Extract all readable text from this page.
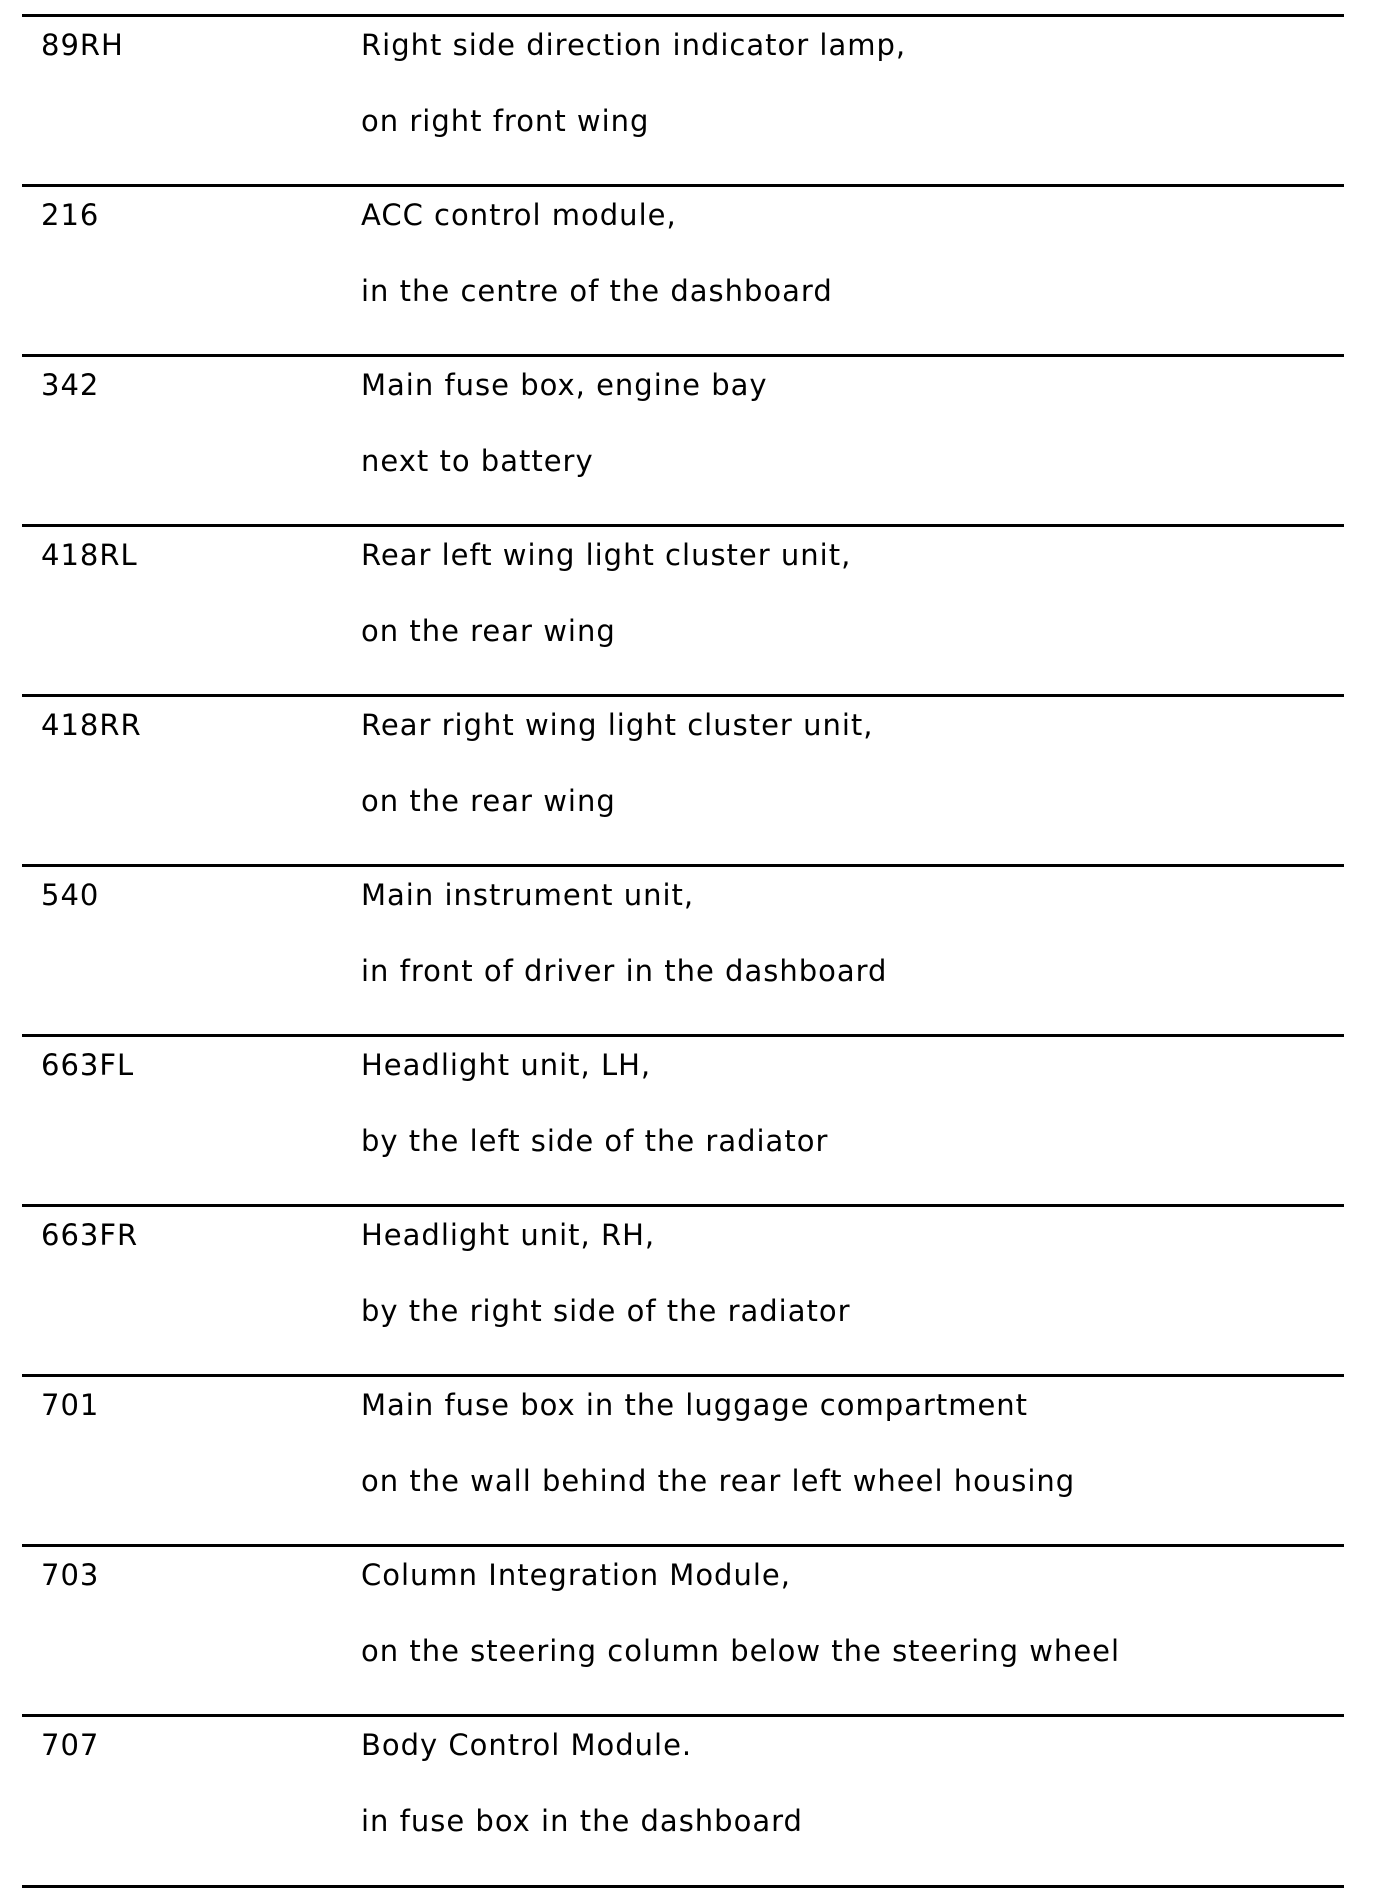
89RH	Right side direction indicator lamp,
on right front wing
216	ACC control module,
in the centre of the dashboard
342	Main fuse box, engine bay
next to battery
418RL	Rear left wing light cluster unit,
on the rear wing
418RR	Rear right wing light cluster unit,
on the rear wing
540	Main instrument unit,
in front of driver in the dashboard
663FL	Headlight unit, LH,
by the left side of the radiator
663FR	Headlight unit, RH,
by the right side of the radiator
701	Main fuse box in the luggage compartment
on the wall behind the rear left wheel housing
703	Column Integration Module,
on the steering column below the steering wheel
707	Body Control Module.
in fuse box in the dashboard
